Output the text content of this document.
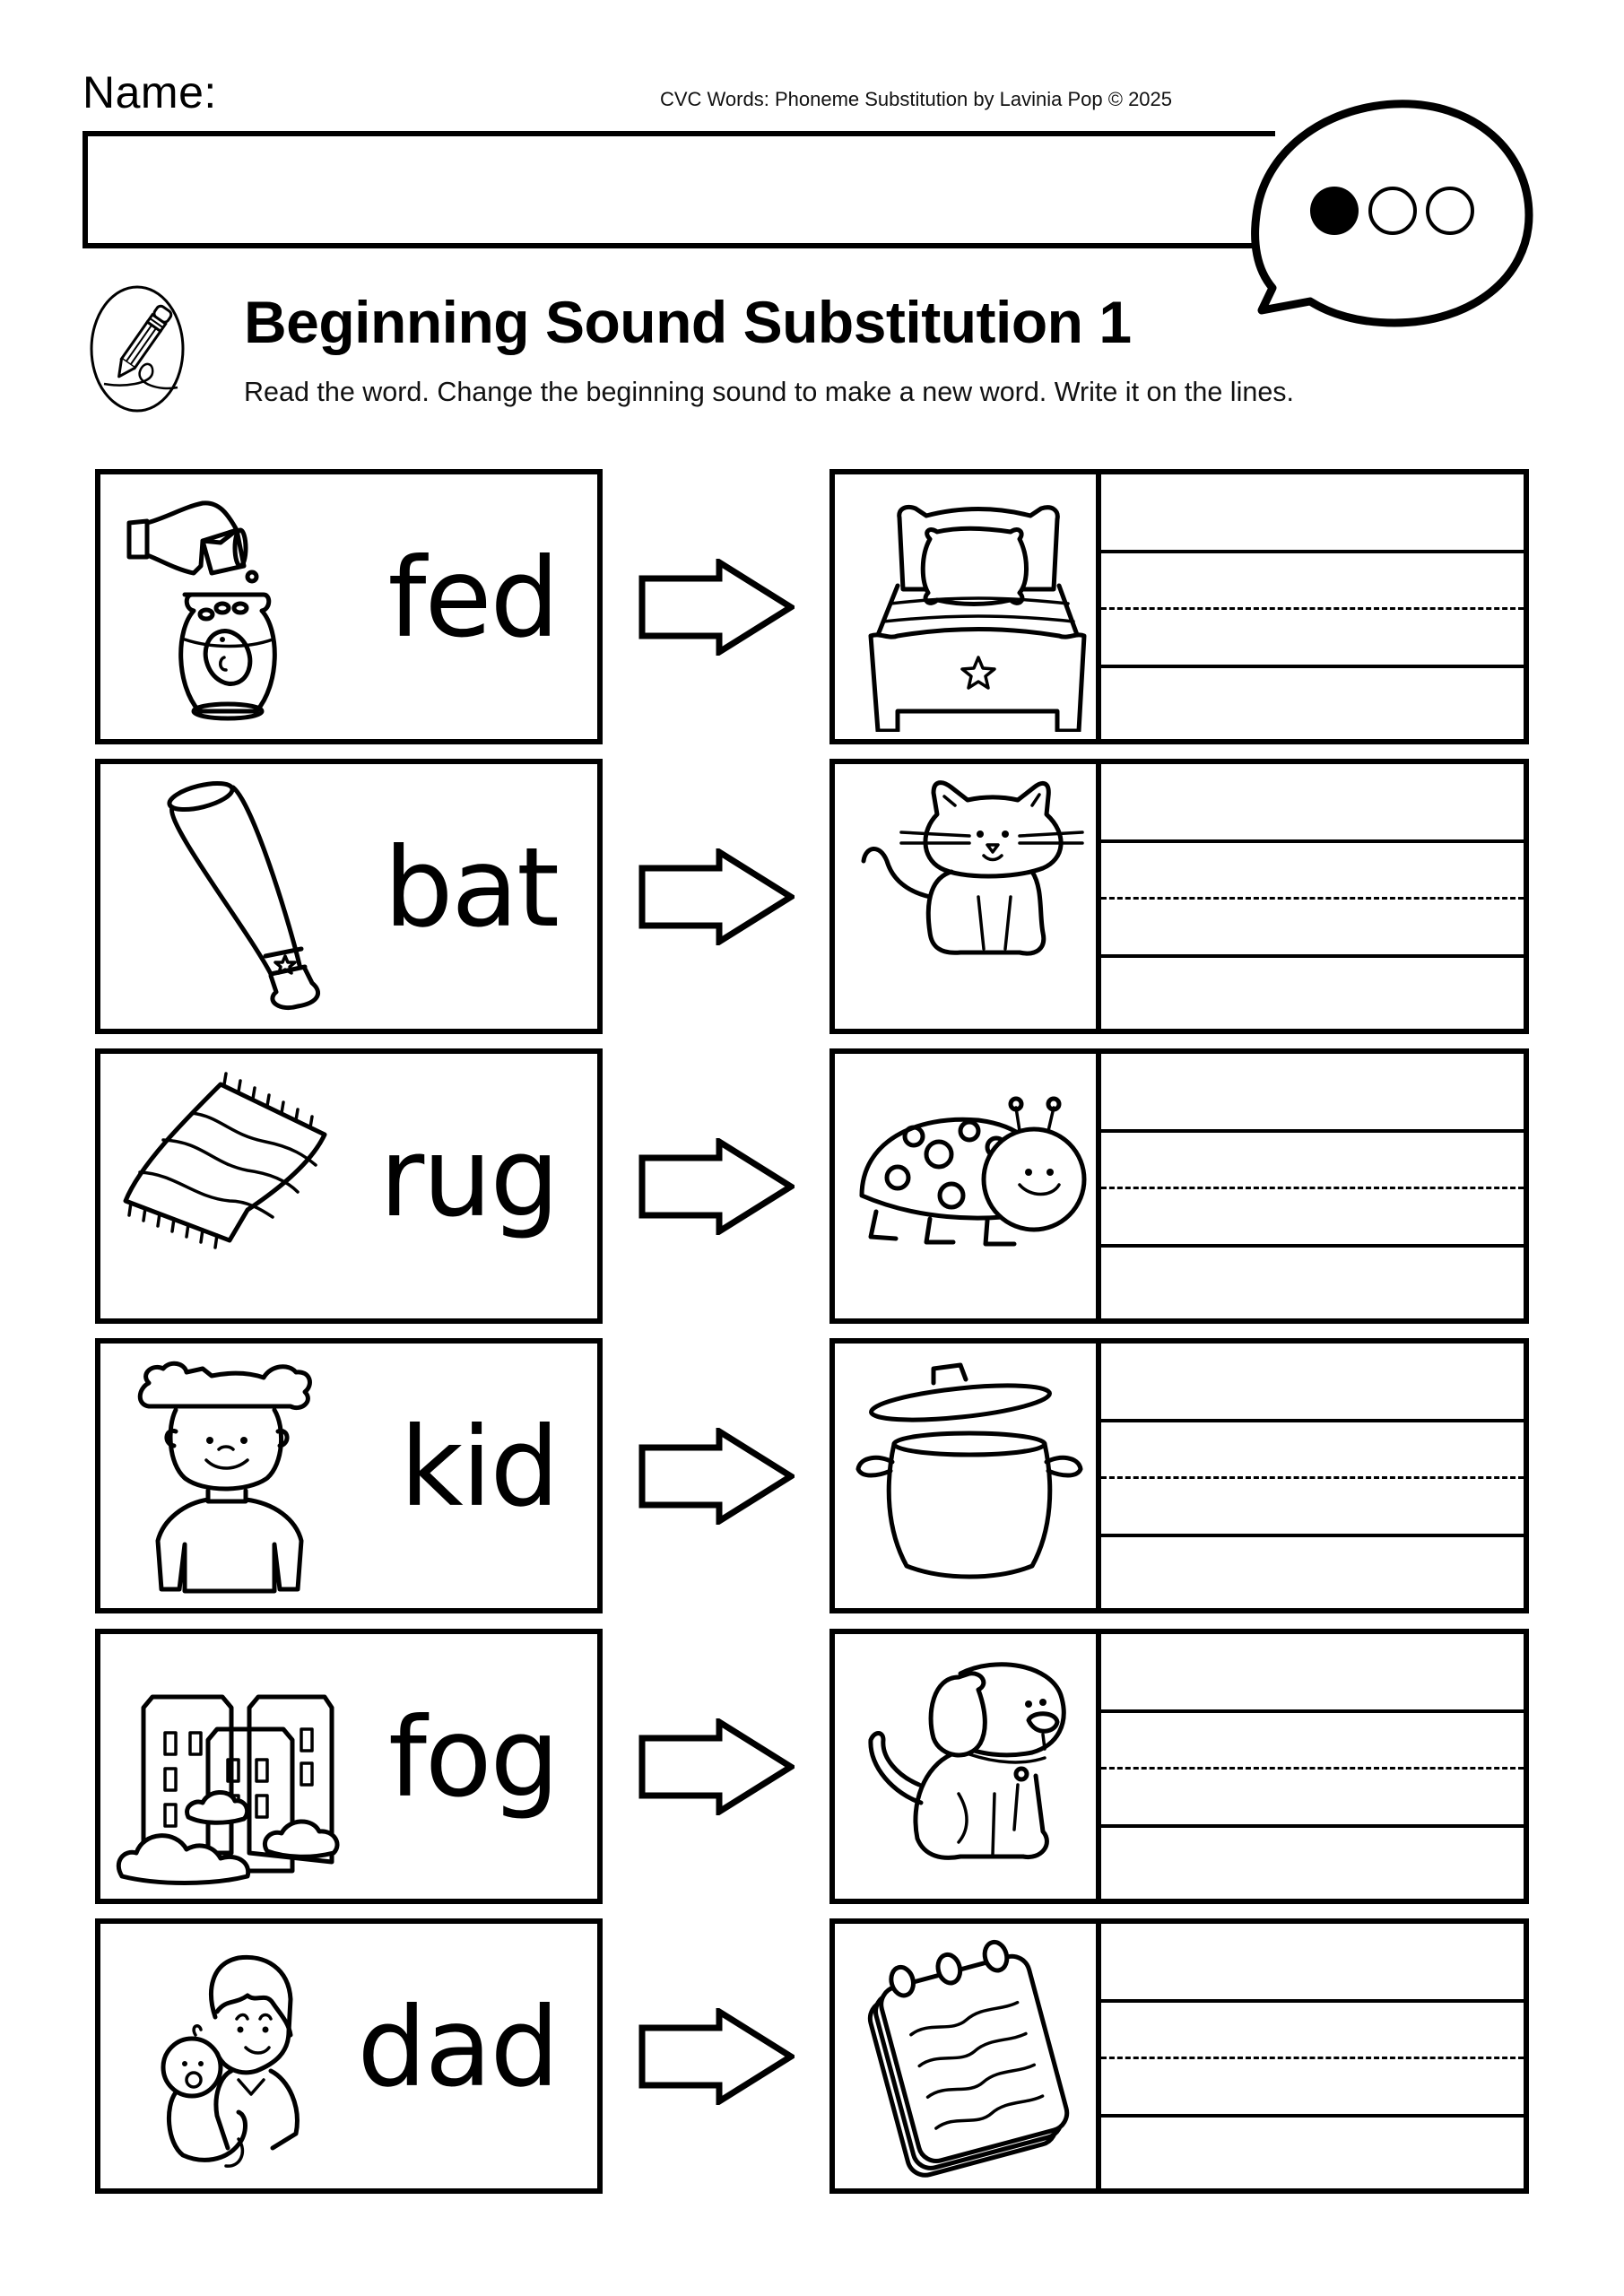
Name:	CVC Words: Phoneme Substitution by Lavinia Pop © 2025
Beginning Sound Substitution 1
Read the word. Change the beginning sound to make a new word. Write it on the lines.
fed
bat
rug
kid
fog
dad
